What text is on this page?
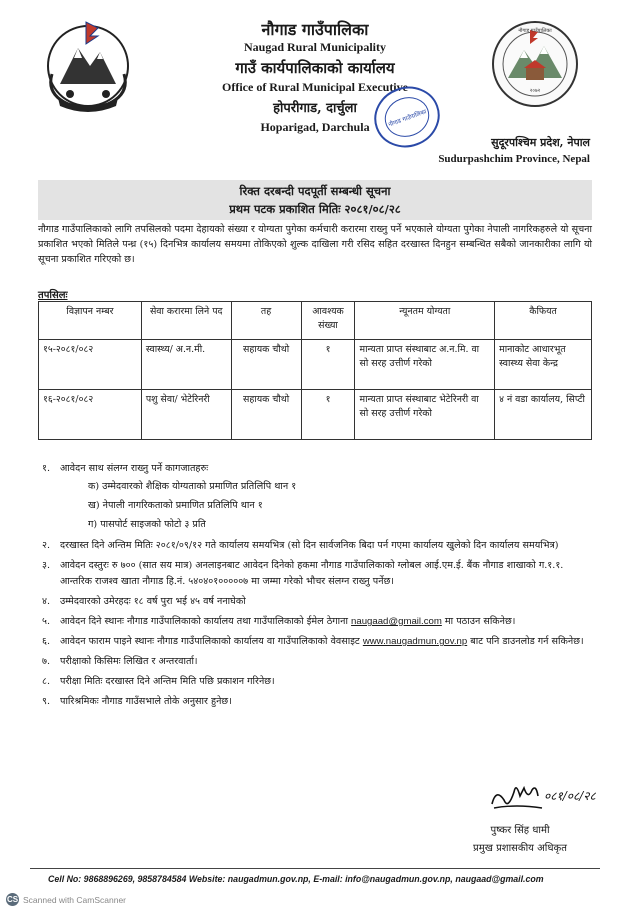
नौगाड गाउँपालिका
Naugad Rural Municipality
गाउँ कार्यपालिकाको कार्यालय
Office of Rural Municipal Executive
होपरीगाड, दार्चुला
Hoparigad, Darchula
नौगाड गाउँपालिका
२०७२
नौगाड गाउँपालिका
सुदूरपश्चिम प्रदेश, नेपाल
Sudurpashchim Province, Nepal
रिक्त दरबन्दी पदपूर्ती सम्बन्धी सूचना
प्रथम पटक प्रकाशित मितिः २०८१/०८/२८
नौगाड गाउँपालिकाको लागि तपसिलको पदमा देहायको संख्या र योग्यता पुगेका कर्मचारी करारमा राख्नु पर्ने भएकाले योग्यता पुगेका नेपाली नागरिकहरुले यो सूचना प्रकाशित भएको मितिले पन्ध्र (१५) दिनभित्र कार्यालय समयमा तोकिएको शुल्क दाखिला गरी रसिद सहित दरखास्त दिनहुन सम्बन्धित सबैको जानकारीका लागि यो सूचना प्रकाशित गरिएको छ।
तपसिलः
विज्ञापन नम्बर	सेवा करारमा लिने पद	तह	आवश्यक संख्या	न्यूनतम योग्यता	कैफियत
१५-२०८१/०८२	स्वास्थ्य/ अ.न.मी.	सहायक चौथो	१	मान्यता प्राप्त संस्थाबाट अ.न.मि. वा सो सरह उत्तीर्ण गरेको	मानाकोट आधारभूत स्वास्थ्य सेवा केन्द्र
१६-२०८१/०८२	पशु सेवा/ भेटेरिनरी	सहायक चौथो	१	मान्यता प्राप्त संस्थाबाट भेटेरिनरी वा सो सरह उत्तीर्ण गरेको	४ नं वडा कार्यालय, सिप्टी
१. आवेदन साथ संलग्न राख्नु पर्ने कागजातहरुः
क) उम्मेदवारको शैक्षिक योग्यताको प्रमाणित प्रतिलिपि थान १
ख) नेपाली नागरिकताको प्रमाणित प्रतिलिपि थान १
ग) पासपोर्ट साइजको फोटो ३ प्रति
२. दरखास्त दिने अन्तिम मितिः २०८१/०९/१२ गते कार्यालय समयभित्र (सो दिन सार्वजनिक बिदा पर्न गएमा कार्यालय खुलेको दिन कार्यालय समयभित्र)
३. आवेदन दस्तुरः रु ७०० (सात सय मात्र) अनलाइनबाट आवेदन दिनेको हकमा नौगाड गाउँपालिकाको ग्लोबल आई.एम.ई. बैंक नौगाड शाखाको ग.१.१. आन्तरिक राजश्व खाता नौगाड हि.नं. ५४०४०१०००००७ मा जम्मा गरेको भौचर संलग्न राख्नु पर्नेछ।
४. उम्मेदवारको उमेरहदः १८ वर्ष पुरा भई ४५ वर्ष ननाघेको
५. आवेदन दिने स्थानः नौगाड गाउँपालिकाको कार्यालय तथा गाउँपालिकाको ईमेल ठेगाना naugaad@gmail.com मा पठाउन सकिनेछ।
६. आवेदन फाराम पाइने स्थानः नौगाड गाउँपालिकाको कार्यालय वा गाउँपालिकाको वेवसाइट www.naugadmun.gov.np बाट पनि डाउनलोड गर्न सकिनेछ।
७. परीक्षाको किसिमः लिखित र अन्तरवार्ता।
८. परीक्षा मितिः दरखास्त दिने अन्तिम मिति पछि प्रकाशन गरिनेछ।
९. पारिश्रमिकः नौगाड गाउँसभाले तोके अनुसार हुनेछ।
०८१/०८/२८
पुष्कर सिंह धामी
प्रमुख प्रशासकीय अधिकृत
Cell No: 9868896269, 9858784584 Website: naugadmun.gov.np, E-mail: info@naugadmun.gov.np, naugaad@gmail.com
CS Scanned with CamScanner
